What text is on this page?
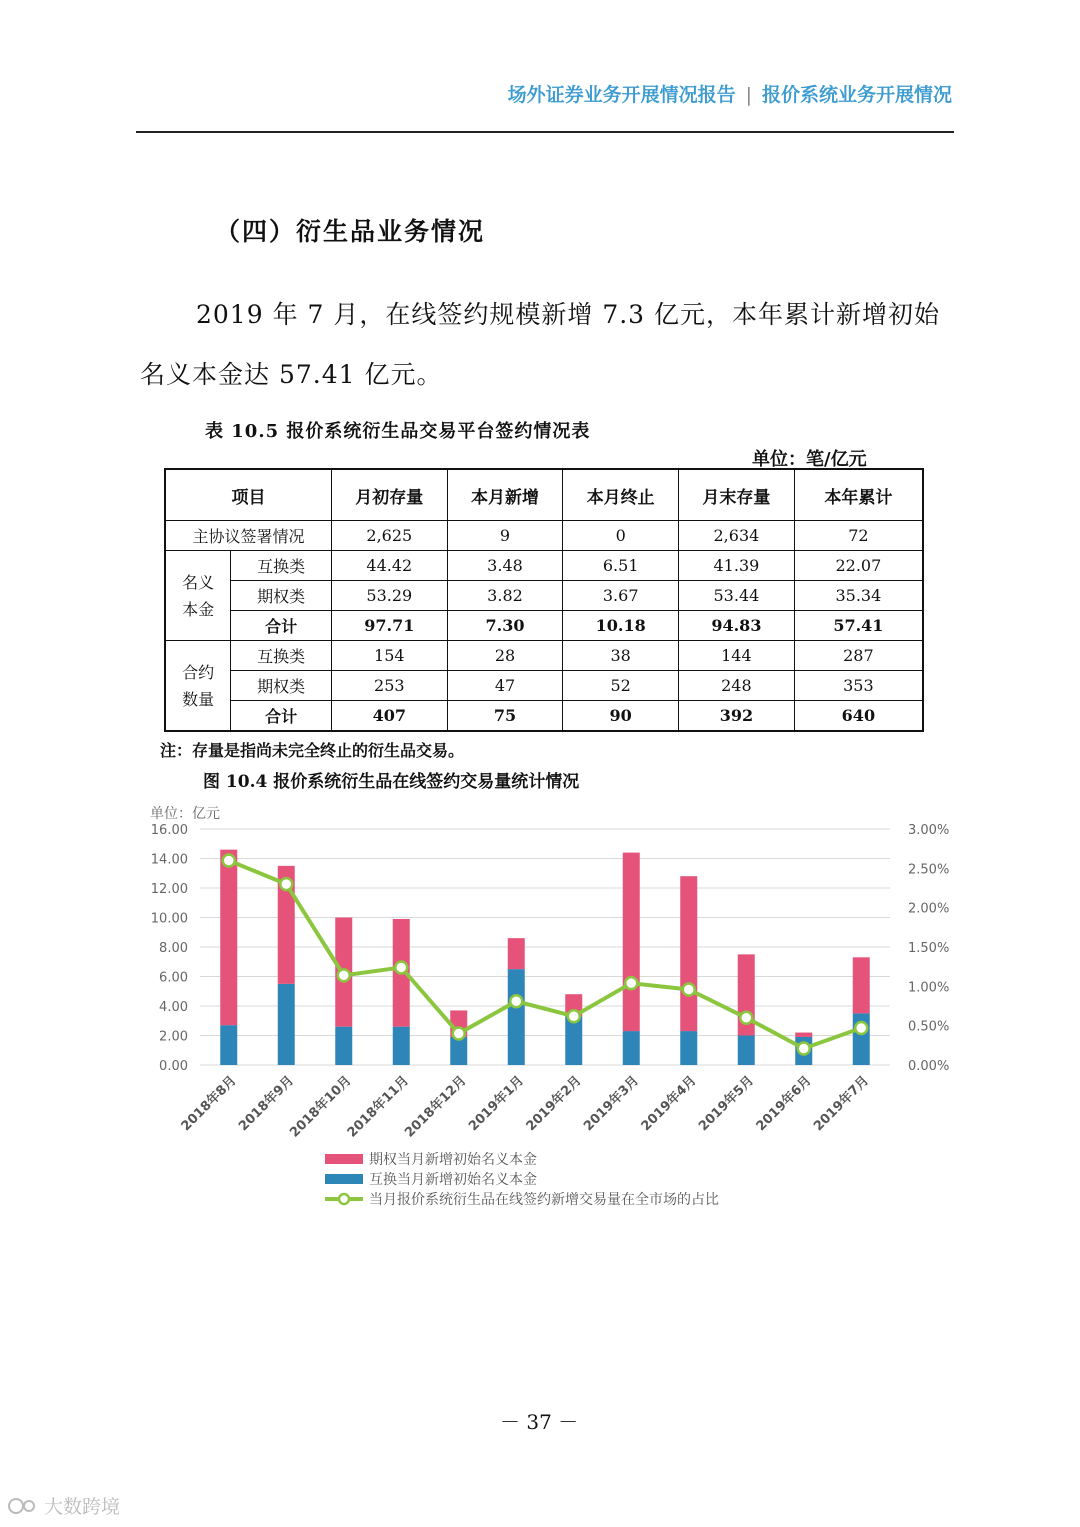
场外证券业务开展情况报告 | 报价系统业务开展情况
（四）衍生品业务情况
2019 年 7 月，在线签约规模新增 7.3 亿元，本年累计新增初始名义本金达 57.41 亿元。
表 10.5 报价系统衍生品交易平台签约情况表
单位：笔/亿元
项目		月初存量	本月新增	本月终止	月末存量	本年累计
主协议签署情况		2,625	9	0	2,634	72
名义
本金	互换类	44.42	3.48	6.51	41.39	22.07
	期权类	53.29	3.82	3.67	53.44	35.34
	合计	97.71	7.30	10.18	94.83	57.41
合约
数量	互换类	154	28	38	144	287
	期权类	253	47	52	248	353
	合计	407	75	90	392	640
注：存量是指尚未完全终止的衍生品交易。
图 10.4 报价系统衍生品在线签约交易量统计情况
单位：亿元
0.00
2.00
4.00
6.00
8.00
10.00
12.00
14.00
16.00
0.00%
0.50%
1.00%
1.50%
2.00%
2.50%
3.00%
2018年8月
2018年9月
2018年10月
2018年11月
2018年12月
2019年1月
2019年2月
2019年3月
2019年4月
2019年5月
2019年6月
2019年7月
期权当月新增初始名义本金
互换当月新增初始名义本金
当月报价系统衍生品在线签约新增交易量在全市场的占比
－ 37 －
大数跨境
